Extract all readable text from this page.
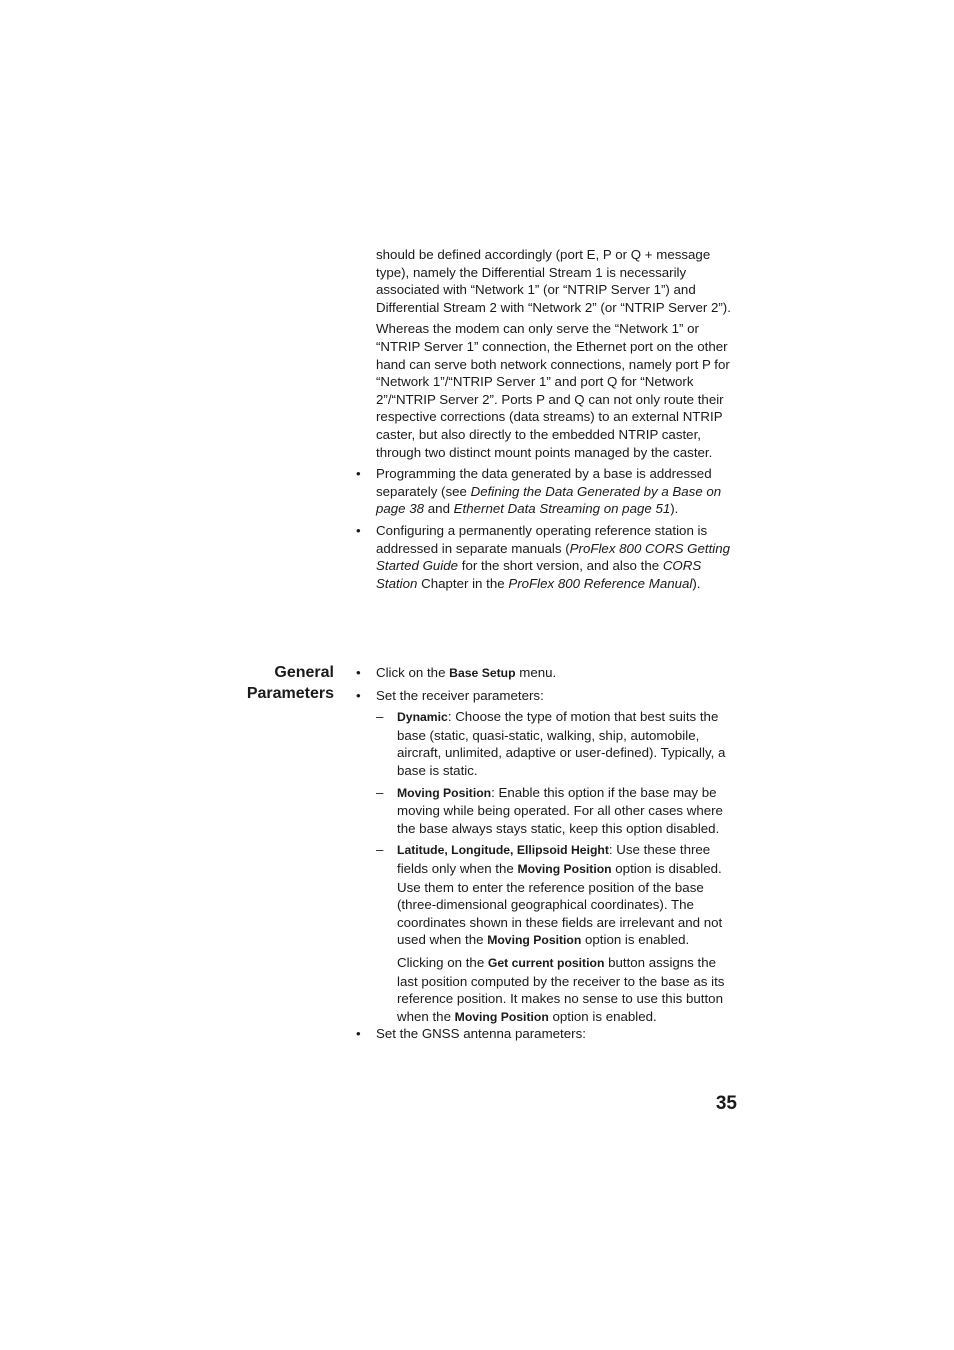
should be defined accordingly (port E, P or Q + message type), namely the Differential Stream 1 is necessarily associated with “Network 1” (or “NTRIP Server 1”) and Differential Stream 2 with “Network 2” (or “NTRIP Server 2”).

Whereas the modem can only serve the “Network 1” or “NTRIP Server 1” connection, the Ethernet port on the other hand can serve both network connections, namely port P for “Network 1”/“NTRIP Server 1” and port Q for “Network 2”/“NTRIP Server 2”. Ports P and Q can not only route their respective corrections (data streams) to an external NTRIP caster, but also directly to the embedded NTRIP caster, through two distinct mount points managed by the caster.

• Programming the data generated by a base is addressed separately (see Defining the Data Generated by a Base on page 38 and Ethernet Data Streaming on page 51).
• Configuring a permanently operating reference station is addressed in separate manuals (ProFlex 800 CORS Getting Started Guide for the short version, and also the CORS Station Chapter in the ProFlex 800 Reference Manual).
General
Parameters
• Click on the Base Setup menu.
• Set the receiver parameters:
– Dynamic: Choose the type of motion that best suits the base (static, quasi-static, walking, ship, automobile, aircraft, unlimited, adaptive or user-defined). Typically, a base is static.
– Moving Position: Enable this option if the base may be moving while being operated. For all other cases where the base always stays static, keep this option disabled.
– Latitude, Longitude, Ellipsoid Height: Use these three fields only when the Moving Position option is disabled. Use them to enter the reference position of the base (three-dimensional geographical coordinates). The coordinates shown in these fields are irrelevant and not used when the Moving Position option is enabled.

Clicking on the Get current position button assigns the last position computed by the receiver to the base as its reference position. It makes no sense to use this button when the Moving Position option is enabled.

• Set the GNSS antenna parameters:
35
